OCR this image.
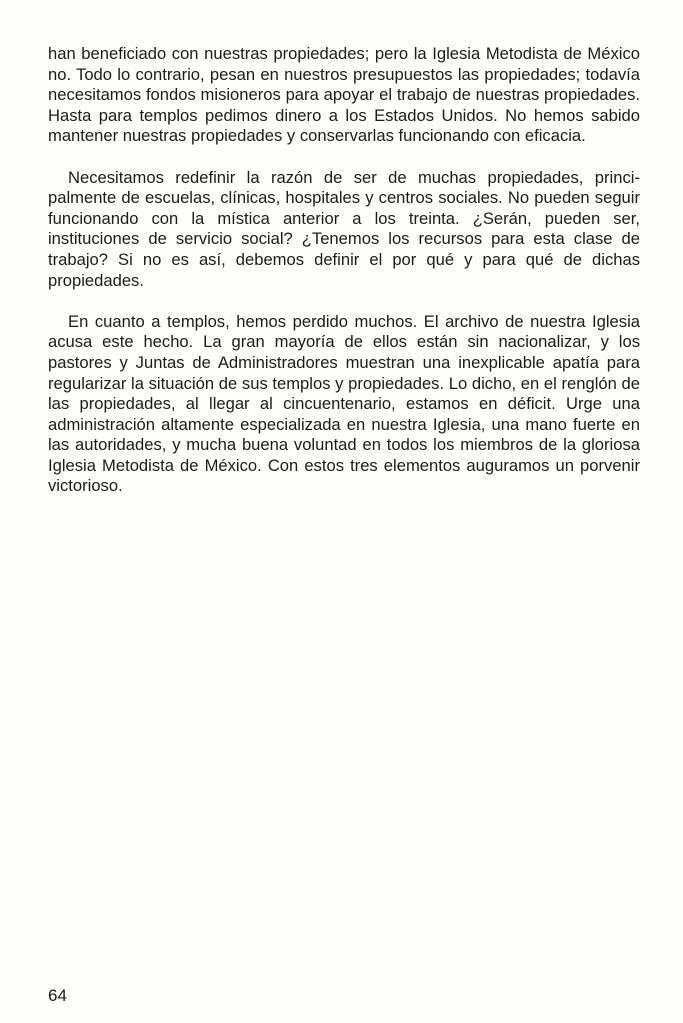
han beneficiado con nuestras propiedades; pero la Iglesia Metodista de México no. Todo lo contrario, pesan en nuestros presupuestos las propiedades; todavía necesitamos fondos misioneros para apoyar el trabajo de nuestras propiedades. Hasta para templos pedimos dinero a los Estados Unidos. No hemos sabido mantener nuestras propiedades y conservarlas funcionando con eficacia.

Necesitamos redefinir la razón de ser de muchas propiedades, principalmente de escuelas, clínicas, hospitales y centros sociales. No pueden seguir funcionando con la mística anterior a los treinta. ¿Serán, pueden ser, instituciones de servicio social? ¿Tenemos los recursos para esta clase de trabajo? Si no es así, debemos definir el por qué y para qué de dichas propiedades.

En cuanto a templos, hemos perdido muchos. El archivo de nuestra Iglesia acusa este hecho. La gran mayoría de ellos están sin nacionalizar, y los pastores y Juntas de Administradores muestran una inexplicable apatía para regularizar la situación de sus templos y propiedades. Lo dicho, en el renglón de las propiedades, al llegar al cincuentenario, estamos en déficit. Urge una administración altamente especializada en nuestra Iglesia, una mano fuerte en las autoridades, y mucha buena voluntad en todos los miembros de la gloriosa Iglesia Metodista de México. Con estos tres elementos auguramos un porvenir victorioso.

64
